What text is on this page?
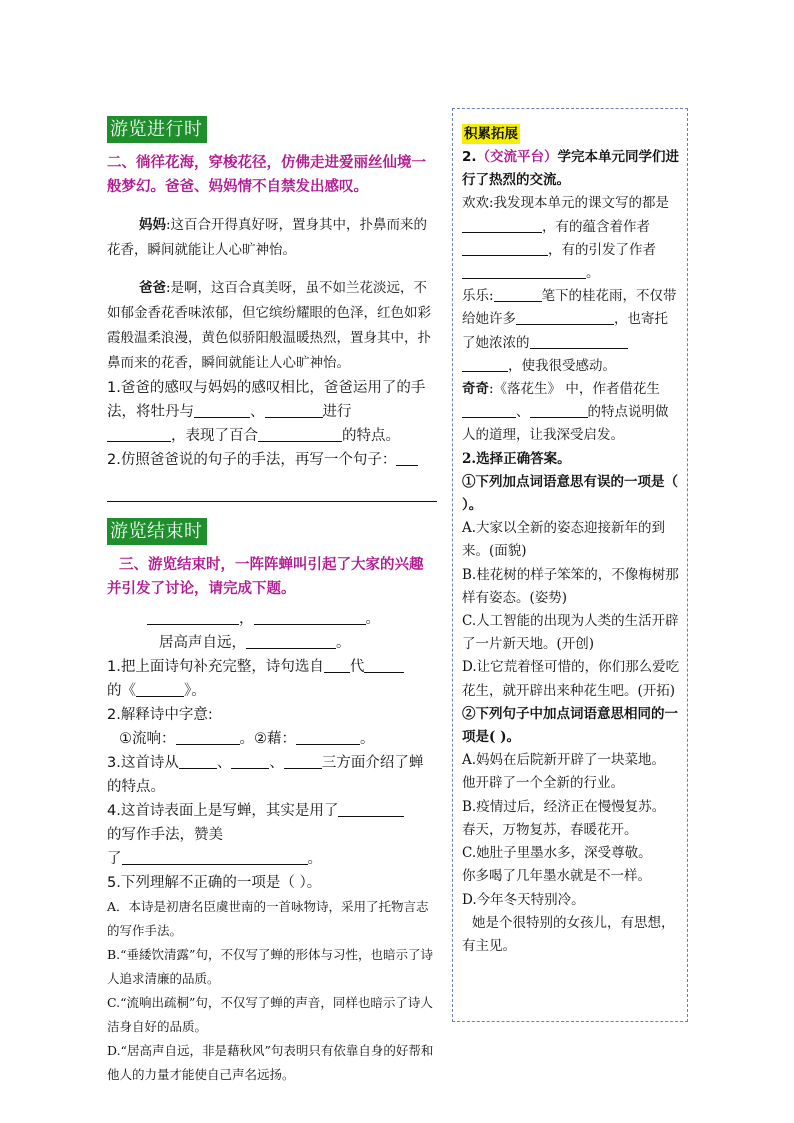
游览进行时

二、徜徉花海，穿梭花径，仿佛走进爱丽丝仙境一般梦幻。爸爸、妈妈情不自禁发出感叹。

妈妈:这百合开得真好呀，置身其中，扑鼻而来的花香，瞬间就能让人心旷神怡。

爸爸:是啊，这百合真美呀，虽不如兰花淡远，不如郁金香花香味浓郁，但它缤纷耀眼的色泽，红色如彩霞般温柔浪漫，黄色似骄阳般温暖热烈，置身其中，扑鼻而来的花香，瞬间就能让人心旷神怡。

1.爸爸的感叹与妈妈的感叹相比，爸爸运用了的手法，将牡丹与	、	进行
，表现了百合	的特点。

2.仿照爸爸说的句子的手法，再写一个句子：

游览结束时

三、游览结束时，一阵阵蝉叫引起了大家的兴趣并引发了讨论，请完成下题。

，	。

居高声自远，	。

1.把上面诗句补充完整，诗句选自 代
的《	》。

2.解释诗中字意:

①流响：	。②藉：	。

3.这首诗从	、	、	三方面介绍了蝉的特点。

4.这首诗表面上是写蝉，其实是用了
的写作手法，赞美
了	。

5.下列理解不正确的一项是（ ）。

A．本诗是初唐名臣虞世南的一首咏物诗，采用了托物言志的写作手法。

B.“垂緌饮清露”句，不仅写了蝉的形体与习性，也暗示了诗人追求清廉的品质。

C.“流响出疏桐”句，不仅写了蝉的声音，同样也暗示了诗人洁身自好的品质。

D.“居高声自远，非是藉秋风”句表明只有依靠自身的好帮和他人的力量才能使自己声名远扬。

积累拓展

2.（交流平台）学完本单元同学们进行了热烈的交流。

欢欢:我发现本单元的课文写的都是，有的蕴含着作者，有的引发了作者。

乐乐:	笔下的桂花雨，不仅带给她许多	，也寄托了她浓浓的
，使我很受感动。

奇奇:《落花生》 中，作者借花生、	的特点说明做人的道理，让我深受启发。

2.选择正确答案。

①下列加点词语意思有误的一项是（ ）。

A.大家以全新的姿态迎接新年的到来。(面貌)

B.桂花树的样子笨笨的，不像梅树那样有姿态。(姿势)

C.人工智能的出现为人类的生活开辟了一片新天地。(开创)

D.让它荒着怪可惜的，你们那么爱吃花生，就开辟出来种花生吧。(开拓)

②下列句子中加点词语意思相同的一项是( )。

A.妈妈在后院新开辟了一块菜地。

他开辟了一个全新的行业。

B.疫情过后，经济正在慢慢复苏。

春天，万物复苏，春暖花开。

C.她肚子里墨水多，深受尊敬。

你多喝了几年墨水就是不一样。

D.今年冬天特别冷。

她是个很特别的女孩儿，有思想，有主见。
